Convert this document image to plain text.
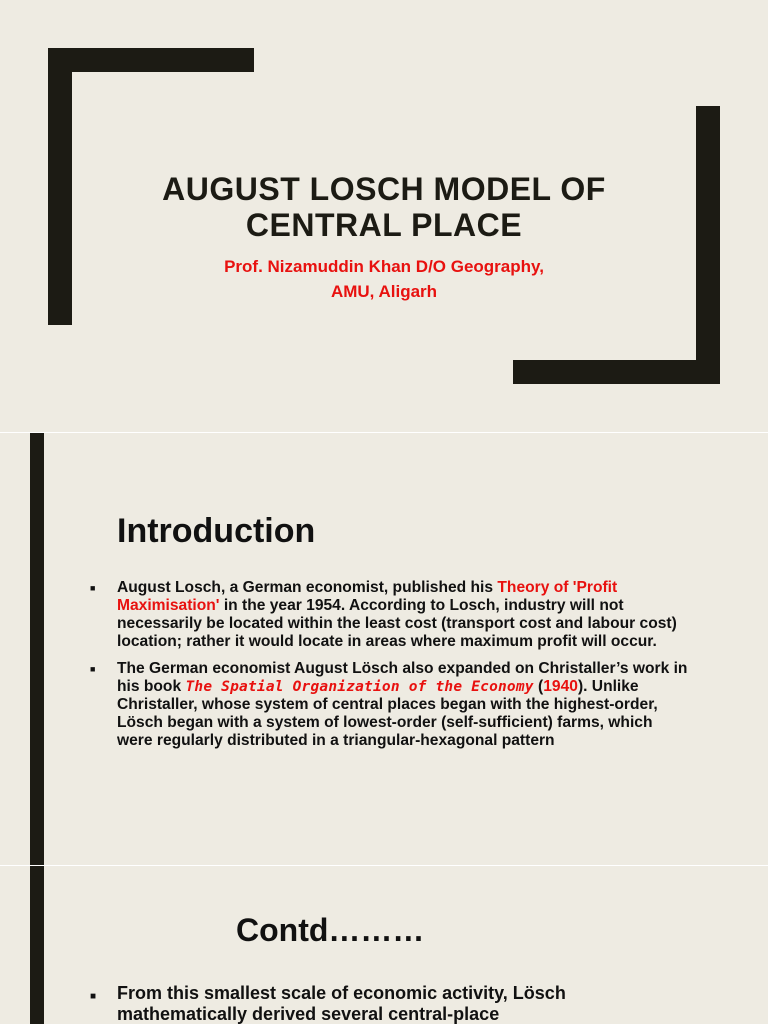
AUGUST LOSCH MODEL OF
CENTRAL PLACE

Prof. Nizamuddin Khan D/O Geography,
AMU, Aligarh

Introduction
■ August Losch, a German economist, published his Theory of 'Profit Maximisation' in the year 1954. According to Losch, industry will not necessarily be located within the least cost (transport cost and labour cost) location; rather it would locate in areas where maximum profit will occur.
■ The German economist August Lösch also expanded on Christaller’s work in his book The Spatial Organization of the Economy (1940). Unlike Christaller, whose system of central places began with the highest-order, Lösch began with a system of lowest-order (self-sufficient) farms, which were regularly distributed in a triangular-hexagonal pattern
Contd………
■ From this smallest scale of economic activity, Lösch mathematically derived several central-place
